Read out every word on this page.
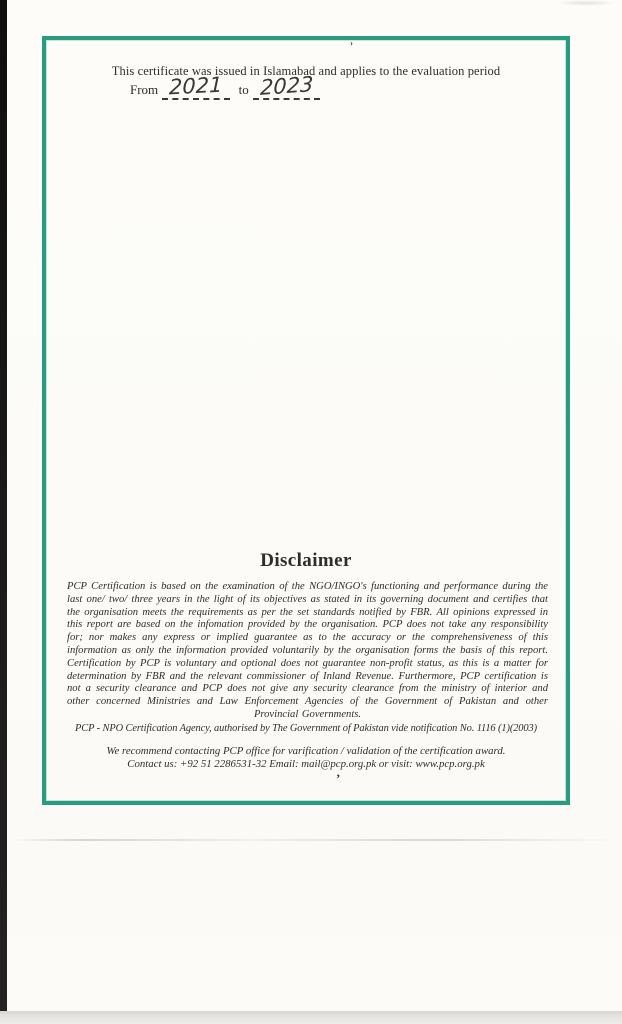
›
This certificate was issued in Islamabad and applies to the evaluation period
From 2021	to 2023
Disclaimer
PCP Certification is based on the examination of the NGO/INGO's functioning and performance during the last one/ two/ three years in the light of its objectives as stated in its governing document and certifies that the organisation meets the requirements as per the set standards notified by FBR. All opinions expressed in this report are based on the infomation provided by the organisation. PCP does not take any responsibility for; nor makes any express or implied guarantee as to the accuracy or the comprehensiveness of this information as only the information provided voluntarily by the organisation forms the basis of this report. Certification by PCP is voluntary and optional does not guarantee non-profit status, as this is a matter for determination by FBR and the relevant commissioner of Inland Revenue. Furthermore, PCP certification is not a security clearance and PCP does not give any security clearance from the ministry of interior and other concerned Ministries and Law Enforcement Agencies of the Government of Pakistan and other Provincial Governments.
PCP - NPO Certification Agency, authorised by The Government of Pakistan vide notification No. 1116 (1)(2003)
We recommend contacting PCP office for varification / validation of the certification award.
Contact us: +92 51 2286531-32 Email: mail@pcp.org.pk or visit: www.pcp.org.pk
’
